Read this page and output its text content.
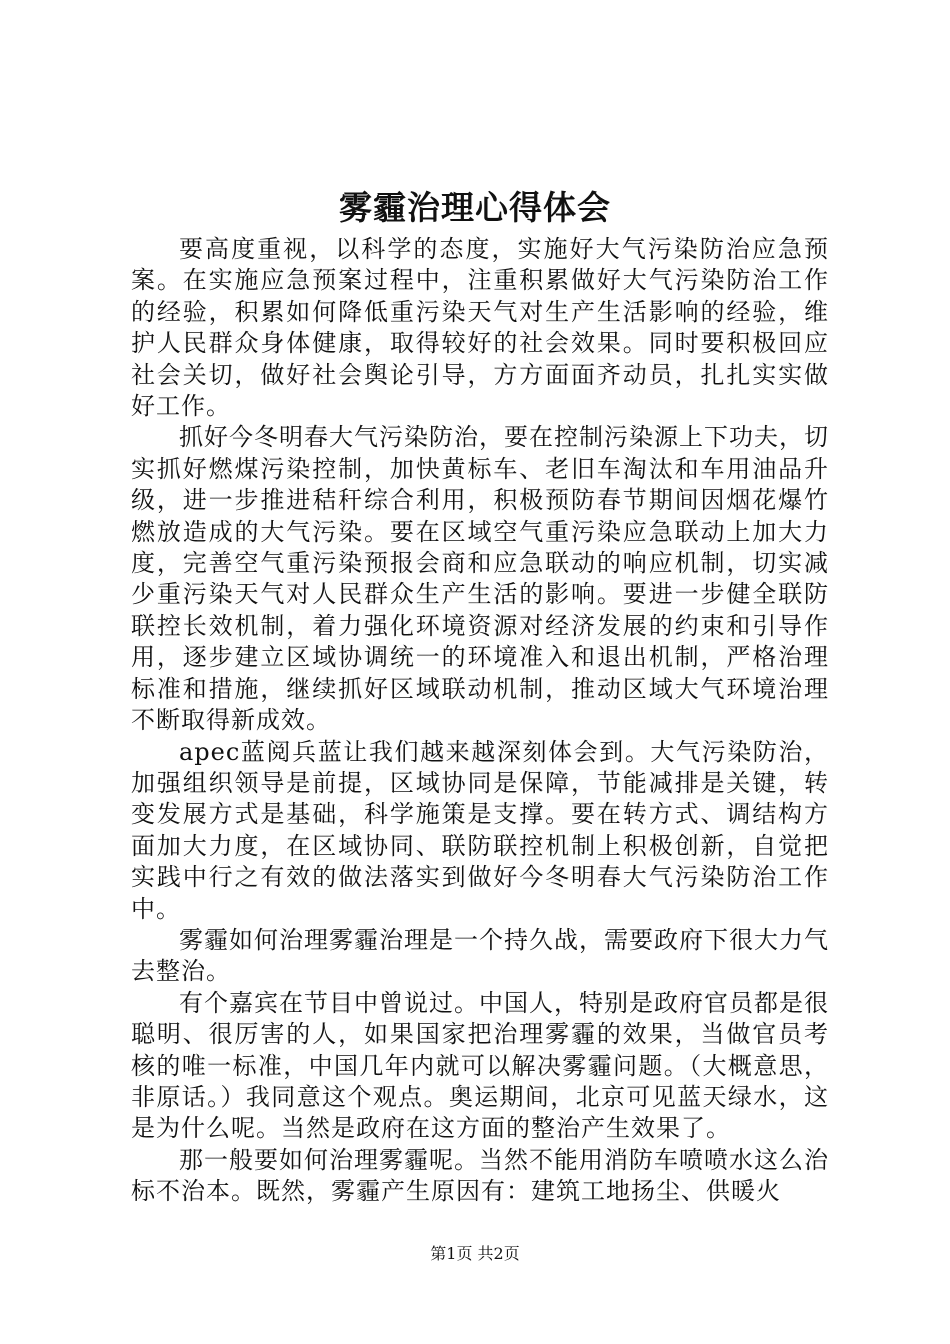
雾霾治理心得体会

要高度重视，以科学的态度，实施好大气污染防治应急预案。在实施应急预案过程中，注重积累做好大气污染防治工作的经验，积累如何降低重污染天气对生产生活影响的经验，维护人民群众身体健康，取得较好的社会效果。同时要积极回应社会关切，做好社会舆论引导，方方面面齐动员，扎扎实实做好工作。

抓好今冬明春大气污染防治，要在控制污染源上下功夫，切实抓好燃煤污染控制，加快黄标车、老旧车淘汰和车用油品升级，进一步推进秸秆综合利用，积极预防春节期间因烟花爆竹燃放造成的大气污染。要在区域空气重污染应急联动上加大力度，完善空气重污染预报会商和应急联动的响应机制，切实减少重污染天气对人民群众生产生活的影响。要进一步健全联防联控长效机制，着力强化环境资源对经济发展的约束和引导作用，逐步建立区域协调统一的环境准入和退出机制，严格治理标准和措施，继续抓好区域联动机制，推动区域大气环境治理不断取得新成效。

apec蓝阅兵蓝让我们越来越深刻体会到。大气污染防治，加强组织领导是前提，区域协同是保障，节能减排是关键，转变发展方式是基础，科学施策是支撑。要在转方式、调结构方面加大力度，在区域协同、联防联控机制上积极创新，自觉把实践中行之有效的做法落实到做好今冬明春大气污染防治工作中。

雾霾如何治理雾霾治理是一个持久战，需要政府下很大力气去整治。

有个嘉宾在节目中曾说过。中国人，特别是政府官员都是很聪明、很厉害的人，如果国家把治理雾霾的效果，当做官员考核的唯一标准，中国几年内就可以解决雾霾问题。（大概意思，非原话。）我同意这个观点。奥运期间，北京可见蓝天绿水，这是为什么呢。当然是政府在这方面的整治产生效果了。

那一般要如何治理雾霾呢。当然不能用消防车喷喷水这么治标不治本。既然，雾霾产生原因有：建筑工地扬尘、供暖火

第1页 共2页
